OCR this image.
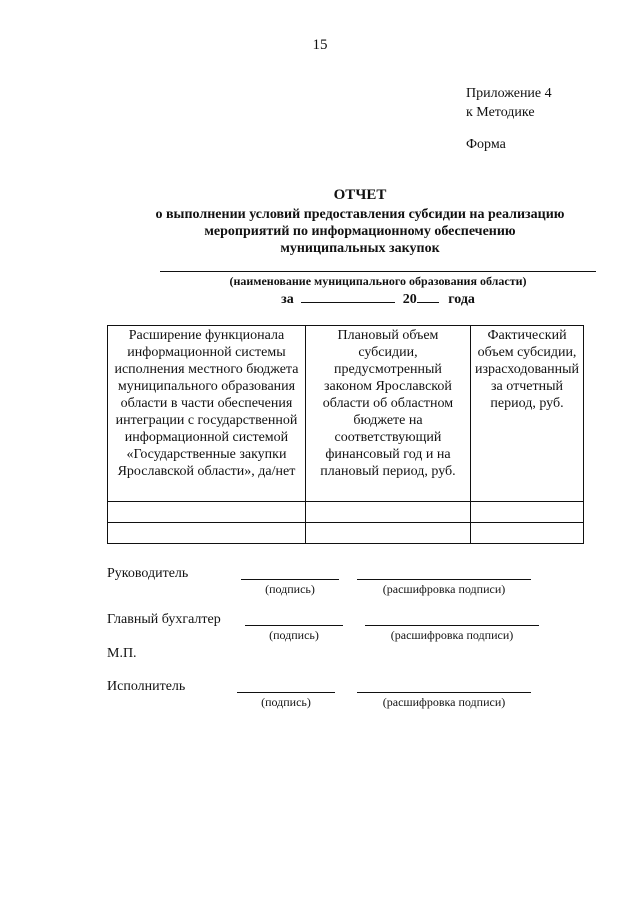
15
Приложение 4
к Методике
Форма
ОТЧЕТ
о выполнении условий предоставления субсидии на реализацию
мероприятий по информационному обеспечению
муниципальных закупок
(наименование муниципального образования области)
за	20 года
Расширение функционала информационной системы исполнения местного бюджета муниципального образования области в части обеспечения интеграции с государственной информационной системой «Государственные закупки Ярославской области», да/нет	Плановый объем субсидии, предусмотренный законом Ярославской области об областном бюджете на соответствующий финансовый год и на плановый период, руб.	Фактический объем субсидии, израсходованный за отчетный период, руб.

Руководитель
(подпись)	(расшифровка подписи)
Главный бухгалтер
(подпись)	(расшифровка подписи)
М.П.
Исполнитель
(подпись)	(расшифровка подписи)
